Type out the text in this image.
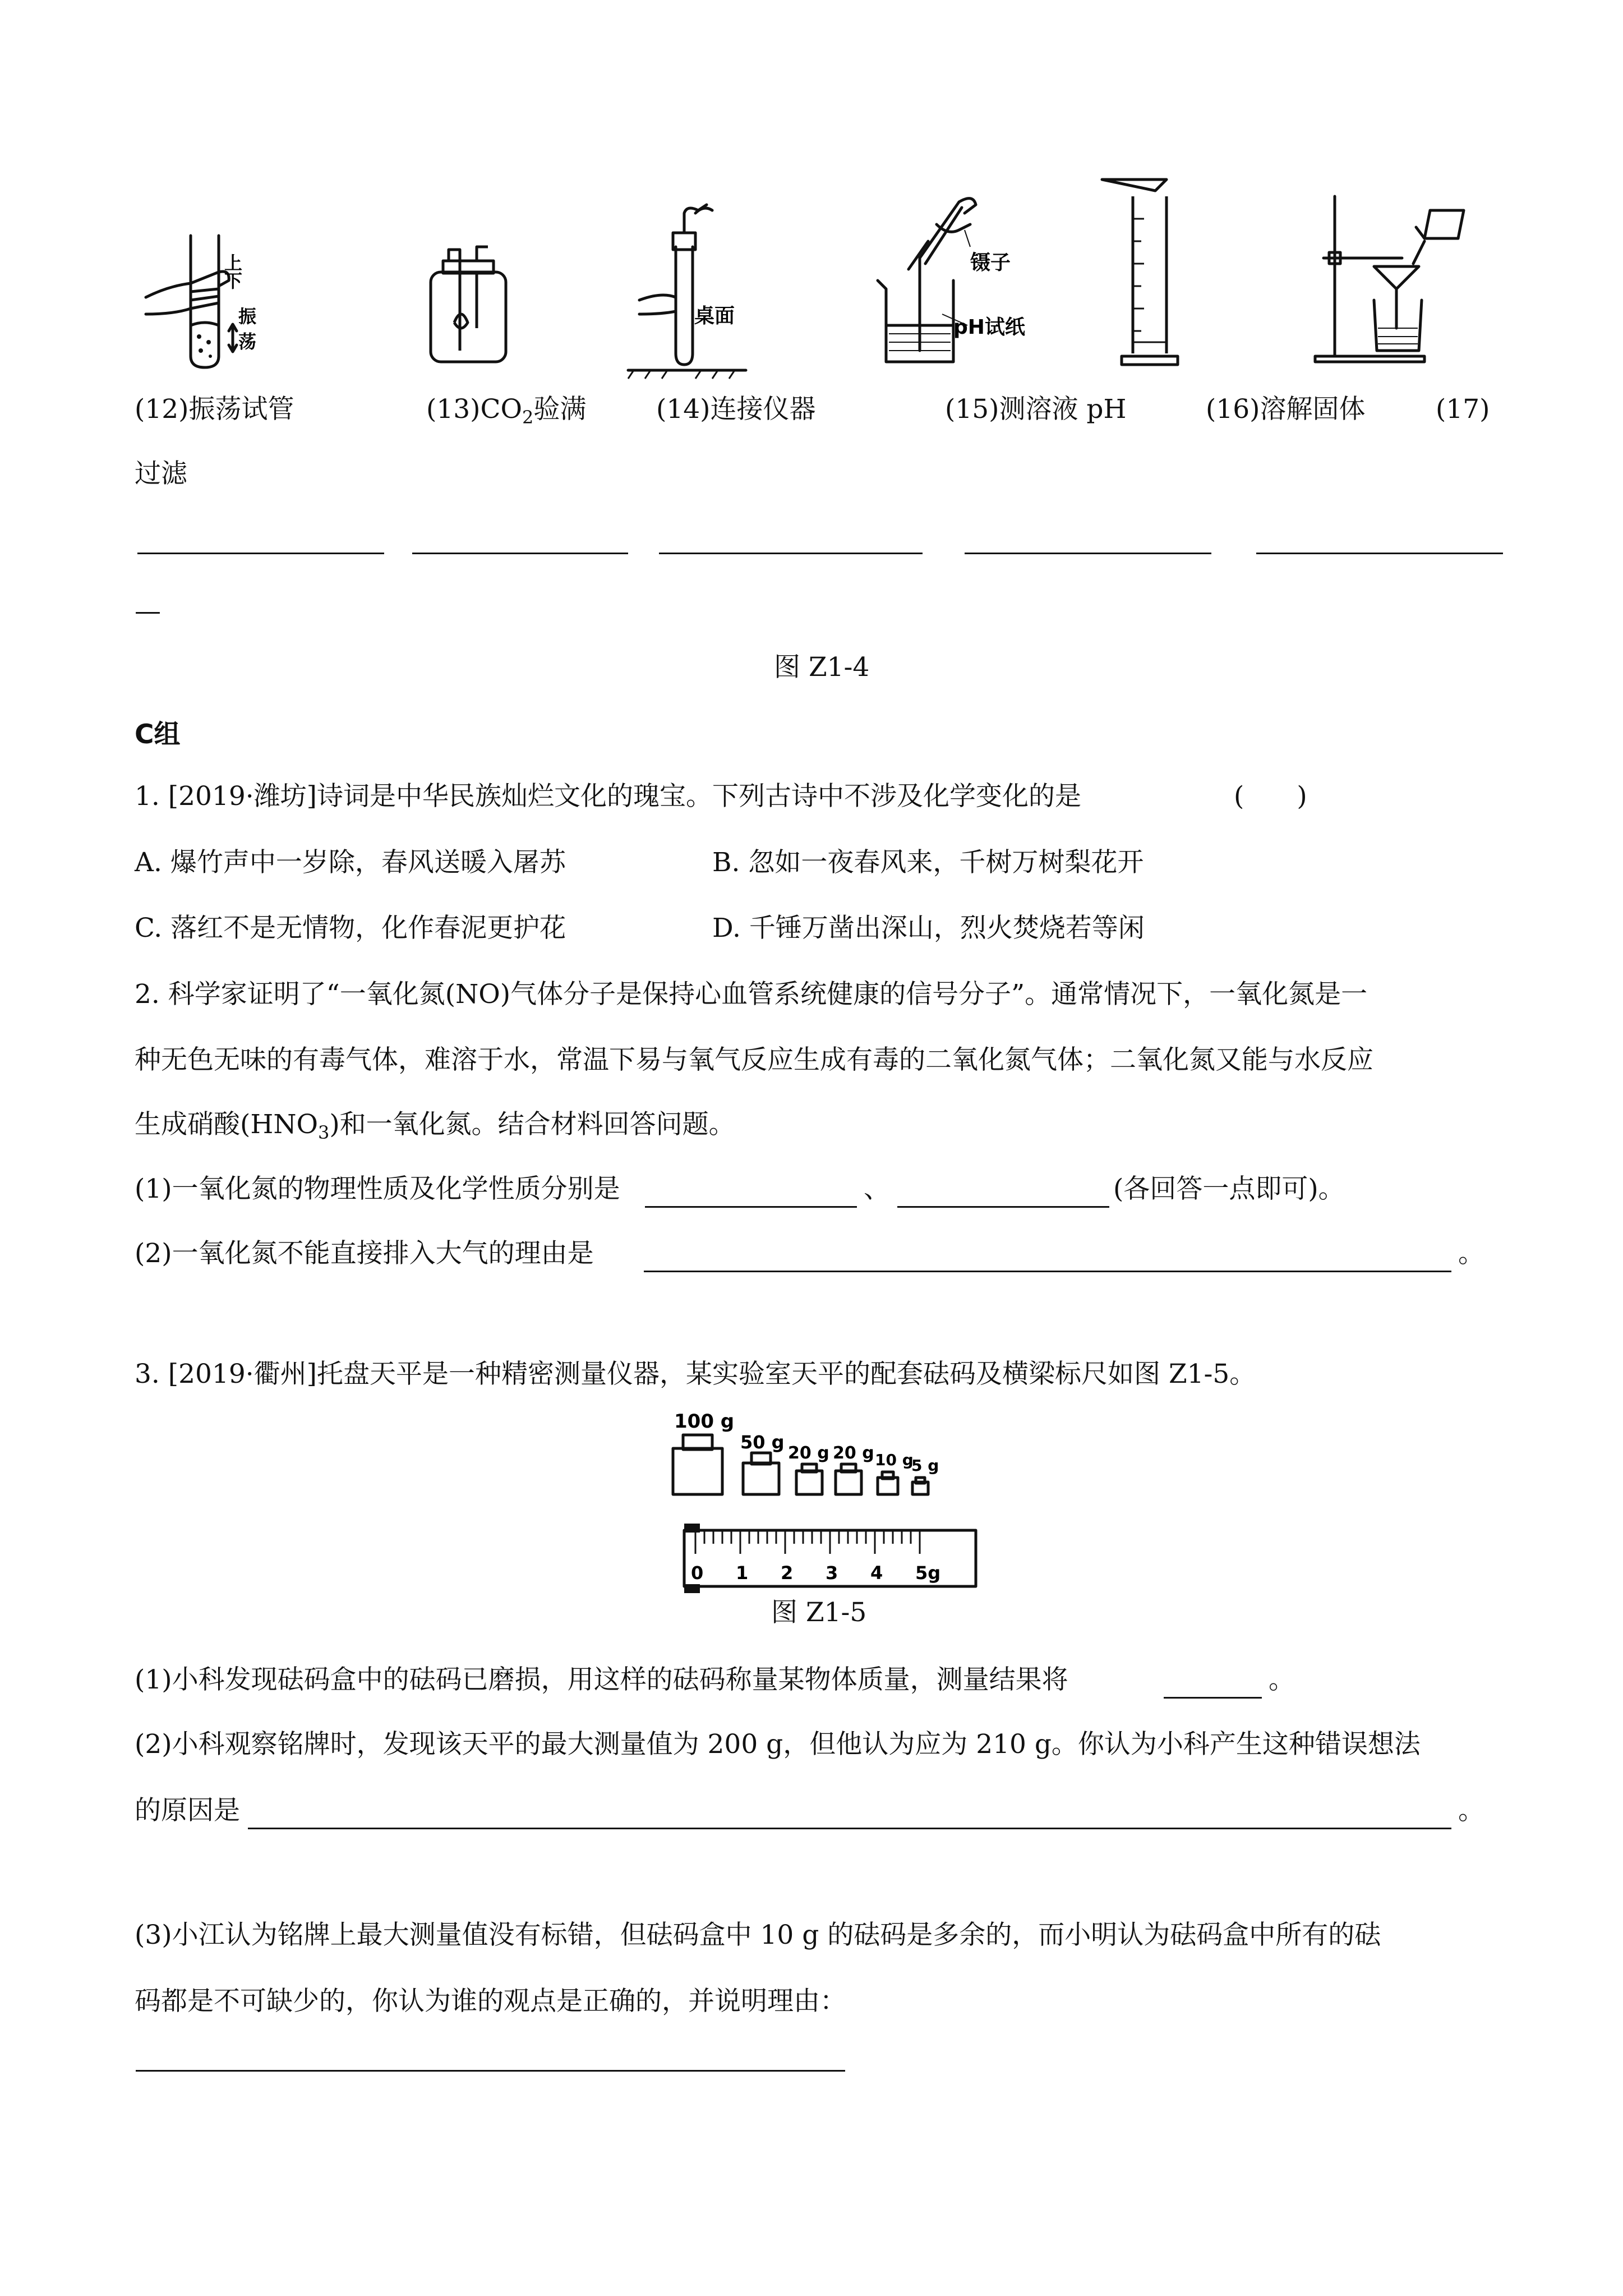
上
下
振
荡
桌面
镊子
pH试纸
(12)振荡试管	$(13)CO_2$验满	(14)连接仪器	(15)测溶液 pH	(16)溶解固体	(17)
过滤
—
图 Z1-4
C组
1. [2019·潍坊]诗词是中华民族灿烂文化的瑰宝。下列古诗中不涉及化学变化的是	(　　)
A. 爆竹声中一岁除，春风送暖入屠苏	B. 忽如一夜春风来，千树万树梨花开
C. 落红不是无情物，化作春泥更护花	D. 千锤万凿出深山，烈火焚烧若等闲
2. 科学家证明了“一氧化氮(NO)气体分子是保持心血管系统健康的信号分子”。通常情况下，一氧化氮是一
种无色无味的有毒气体，难溶于水，常温下易与氧气反应生成有毒的二氧化氮气体；二氧化氮又能与水反应
生成硝酸$(HNO_3)$和一氧化氮。结合材料回答问题。
(1)一氧化氮的物理性质及化学性质分别是	、	(各回答一点即可)。
(2)一氧化氮不能直接排入大气的理由是	。
3. [2019·衢州]托盘天平是一种精密测量仪器，某实验室天平的配套砝码及横梁标尺如图 Z1-5。
100 g
50 g
20 g 20 g 10 g
5 g
0 1 2 3 4 5g
图 Z1-5
(1)小科发现砝码盒中的砝码已磨损，用这样的砝码称量某物体质量，测量结果将	。
(2)小科观察铭牌时，发现该天平的最大测量值为 200 g，但他认为应为 210 g。你认为小科产生这种错误想法
的原因是	。
(3)小江认为铭牌上最大测量值没有标错，但砝码盒中 10 g 的砝码是多余的，而小明认为砝码盒中所有的砝
码都是不可缺少的，你认为谁的观点是正确的，并说明理由：
